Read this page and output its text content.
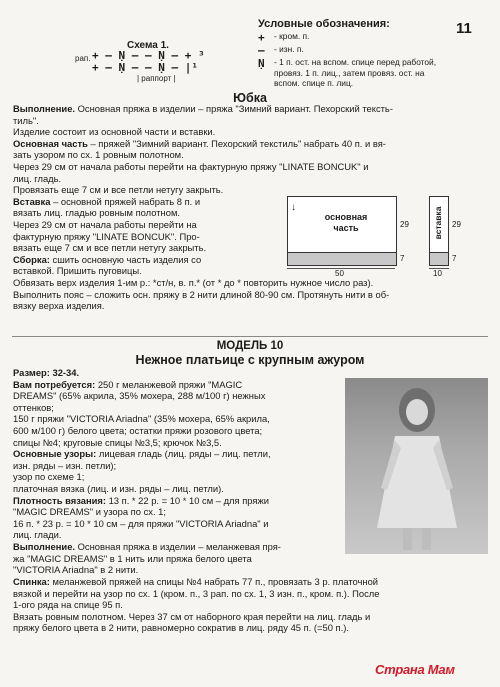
11
Схема 1.
рап. + – Ṇ – – Ṇ – + ³
+ – Ṇ – – Ṇ – |¹
| раппорт |
Условные обозначения:
+	- кром. п.
–	- изн. п.
Ṇ	- 1 п. ост. на вспом. спице перед работой, провяз. 1 п. лиц., затем провяз. ост. на вспом. спице п. лиц.
Юбка

Выполнение. Основная пряжа в изделии – пряжа "Зимний вариант. Пехорский тексть-

тиль".

Изделие состоит из основной части и вставки.

Основная часть – пряжей "Зимний вариант. Пехорский текстиль" набрать 40 п. и вя-

зать узором по сх. 1 ровным полотном.

Через 29 см от начала работы перейти на фактурную пряжу "LINATE BONCUK" и

лиц. гладь.

Провязать еще 7 см и все петли нетугу закрыть.

Вставка – основной пряжей набрать 8 п. и

вязать лиц. гладью ровным полотном.

Через 29 см от начала работы перейти на

фактурную пряжу "LINATE BONCUK". Про-

вязать еще 7 см и все петли нетугу закрыть.

Сборка: сшить основную часть изделия со

вставкой. Пришить пуговицы.

Обвязать верх изделия 1-им р.: *ст/н, в. п.* (от * до * повторить нужное число раз).

Выполнить пояс – сложить осн. пряжу в 2 нити длиной 80-90 см. Протянуть нити в об-

вязку верха изделия.

↓
основная часть	29
7
50
вставка 29
7
10
МОДЕЛЬ 10
Нежное платьице с крупным ажуром

Размер: 32-34.

Вам потребуется: 250 г меланжевой пряжи "MAGIC

DREAMS" (65% акрила, 35% мохера, 288 м/100 г) нежных

оттенков;

150 г пряжи "VICTORIA Ariadna" (35% мохера, 65% акрила,

600 м/100 г) белого цвета; остатки пряжи розового цвета;

спицы №4; круговые спицы №3,5; крючок №3,5.

Основные узоры: лицевая гладь (лиц. ряды – лиц. петли,

изн. ряды – изн. петли);

узор по схеме 1;

платочная вязка (лиц. и изн. ряды – лиц. петли).

Плотность вязания: 13 п. * 22 р. = 10 * 10 см – для пряжи

"MAGIC DREAMS" и узора по сх. 1;

16 п. * 23 р. = 10 * 10 см – для пряжи "VICTORIA Ariadna" и

лиц. глади.

Выполнение. Основная пряжа в изделии – меланжевая пря-

жа "MAGIC DREAMS" в 1 нить или пряжа белого цвета

"VICTORIA Ariadna" в 2 нити.

Спинка: меланжевой пряжей на спицы №4 набрать 77 п., провязать 3 р. платочной

вязкой и перейти на узор по сх. 1 (кром. п., 3 рап. по сх. 1, 3 изн. п., кром. п.). После

1-ого ряда на спице 95 п.

Вязать ровным полотном. Через 37 см от наборного края перейти на лиц. гладь и

пряжу белого цвета в 2 нити, равномерно сократив в лиц. ряду 45 п. (=50 п.).

Страна Мам
